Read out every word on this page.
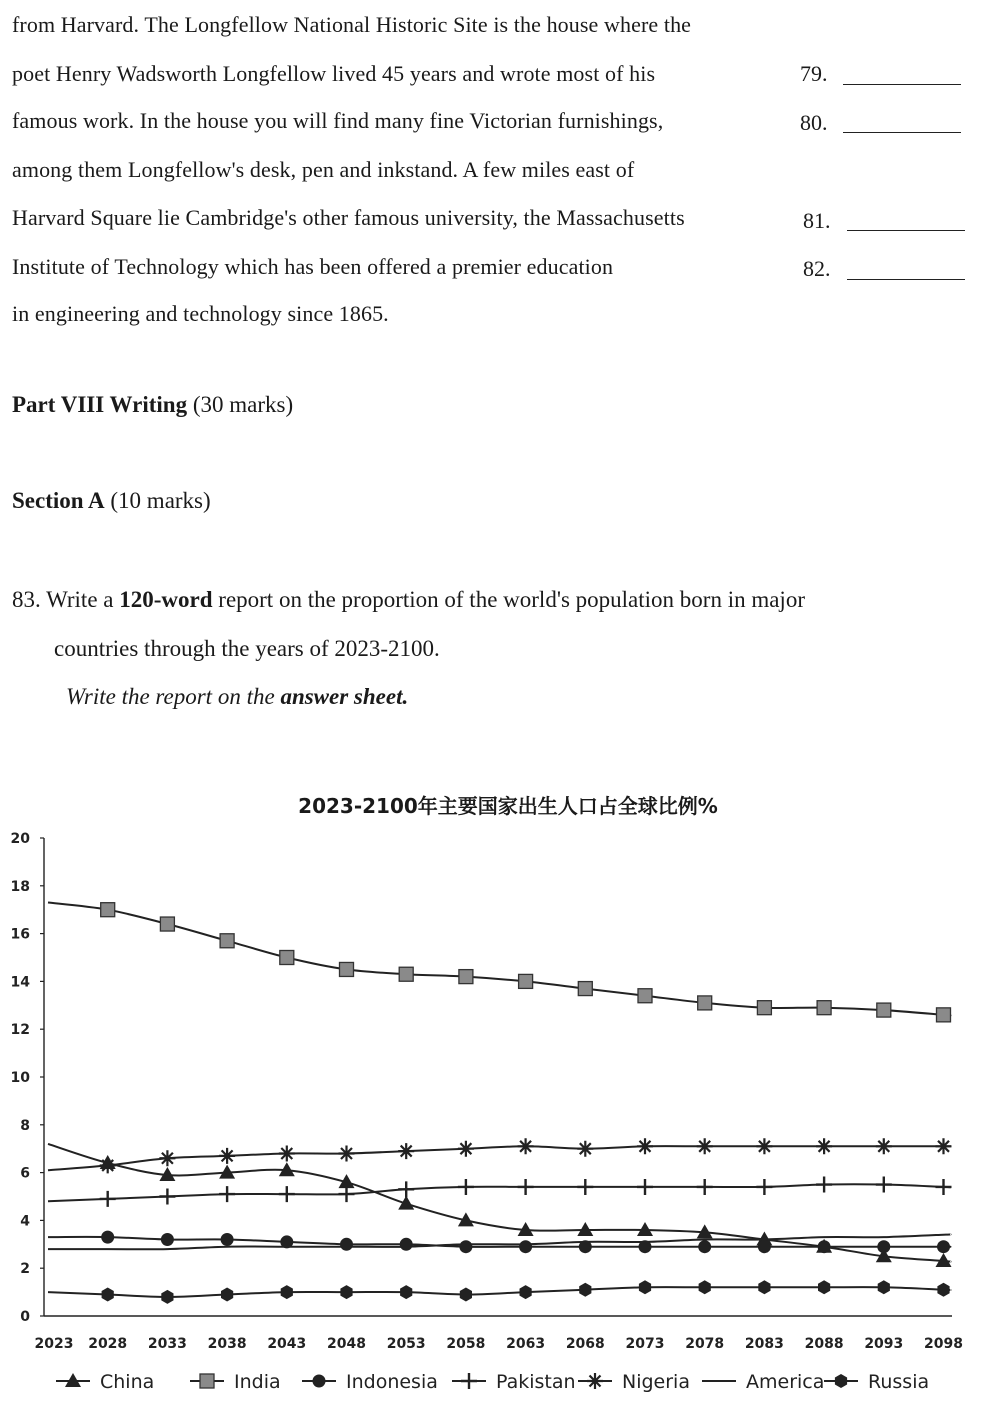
from Harvard. The Longfellow National Historic Site is the house where the
poet Henry Wadsworth Longfellow lived 45 years and wrote most of his
famous work. In the house you will find many fine Victorian furnishings,
among them Longfellow's desk, pen and inkstand. A few miles east of
Harvard Square lie Cambridge's other famous university, the Massachusetts
Institute of Technology which has been offered a premier education
in engineering and technology since 1865.
79.
80.
81.
82.
Part VIII Writing (30 marks)
Section A (10 marks)
83. Write a 120-word report on the proportion of the world's population born in major
countries through the years of 2023-2100.
Write the report on the answer sheet.
2023-2100年主要国家出生人口占全球比例%
0
2
4
6
8
10
12
14
16
18
20
2023 2028 2033 2038 2043 2048 2053 2058 2063 2068 2073 2078 2083 2088 2093 2098
China	India	Indonesia	Pakistan Nigeria	America Russia
